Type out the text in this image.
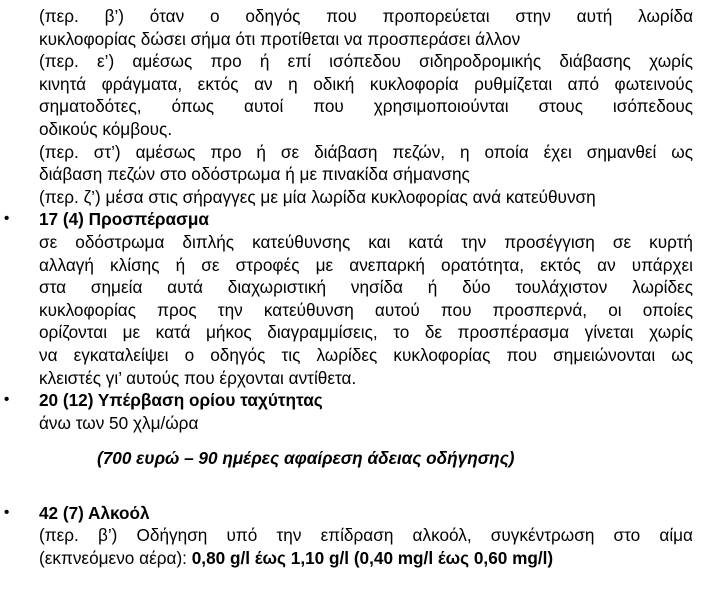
(περ. β’) όταν ο οδηγός που προπορεύεται στην αυτή λωρίδα
κυκλοφορίας δώσει σήμα ότι προτίθεται να προσπεράσει άλλον
(περ. ε’) αμέσως προ ή επί ισόπεδου σιδηροδρομικής διάβασης χωρίς
κινητά φράγματα, εκτός αν η οδική κυκλοφορία ρυθμίζεται από φωτεινούς
σηματοδότες, όπως αυτοί που χρησιμοποιούνται στους ισόπεδους
οδικούς κόμβους.
(περ. στ’) αμέσως προ ή σε διάβαση πεζών, η οποία έχει σημανθεί ως
διάβαση πεζών στο οδόστρωμα ή με πινακίδα σήμανσης
(περ. ζ’) μέσα στις σήραγγες με μία λωρίδα κυκλοφορίας ανά κατεύθυνση
• 17 (4) Προσπέρασμα
σε οδόστρωμα διπλής κατεύθυνσης και κατά την προσέγγιση σε κυρτή
αλλαγή κλίσης ή σε στροφές με ανεπαρκή ορατότητα, εκτός αν υπάρχει
στα σημεία αυτά διαχωριστική νησίδα ή δύο τουλάχιστον λωρίδες
κυκλοφορίας προς την κατεύθυνση αυτού που προσπερνά, οι οποίες
ορίζονται με κατά μήκος διαγραμμίσεις, το δε προσπέρασμα γίνεται χωρίς
να εγκαταλείψει ο οδηγός τις λωρίδες κυκλοφορίας που σημειώνονται ως
κλειστές γι’ αυτούς που έρχονται αντίθετα.
• 20 (12) Υπέρβαση ορίου ταχύτητας
άνω των 50 χλμ/ώρα
(700 ευρώ – 90 ημέρες αφαίρεση άδειας οδήγησης)
• 42 (7) Αλκοόλ
(περ. β’) Οδήγηση υπό την επίδραση αλκοόλ, συγκέντρωση στο αίμα
(εκπνεόμενο αέρα): 0,80 g/l έως 1,10 g/l (0,40 mg/l έως 0,60 mg/l)
